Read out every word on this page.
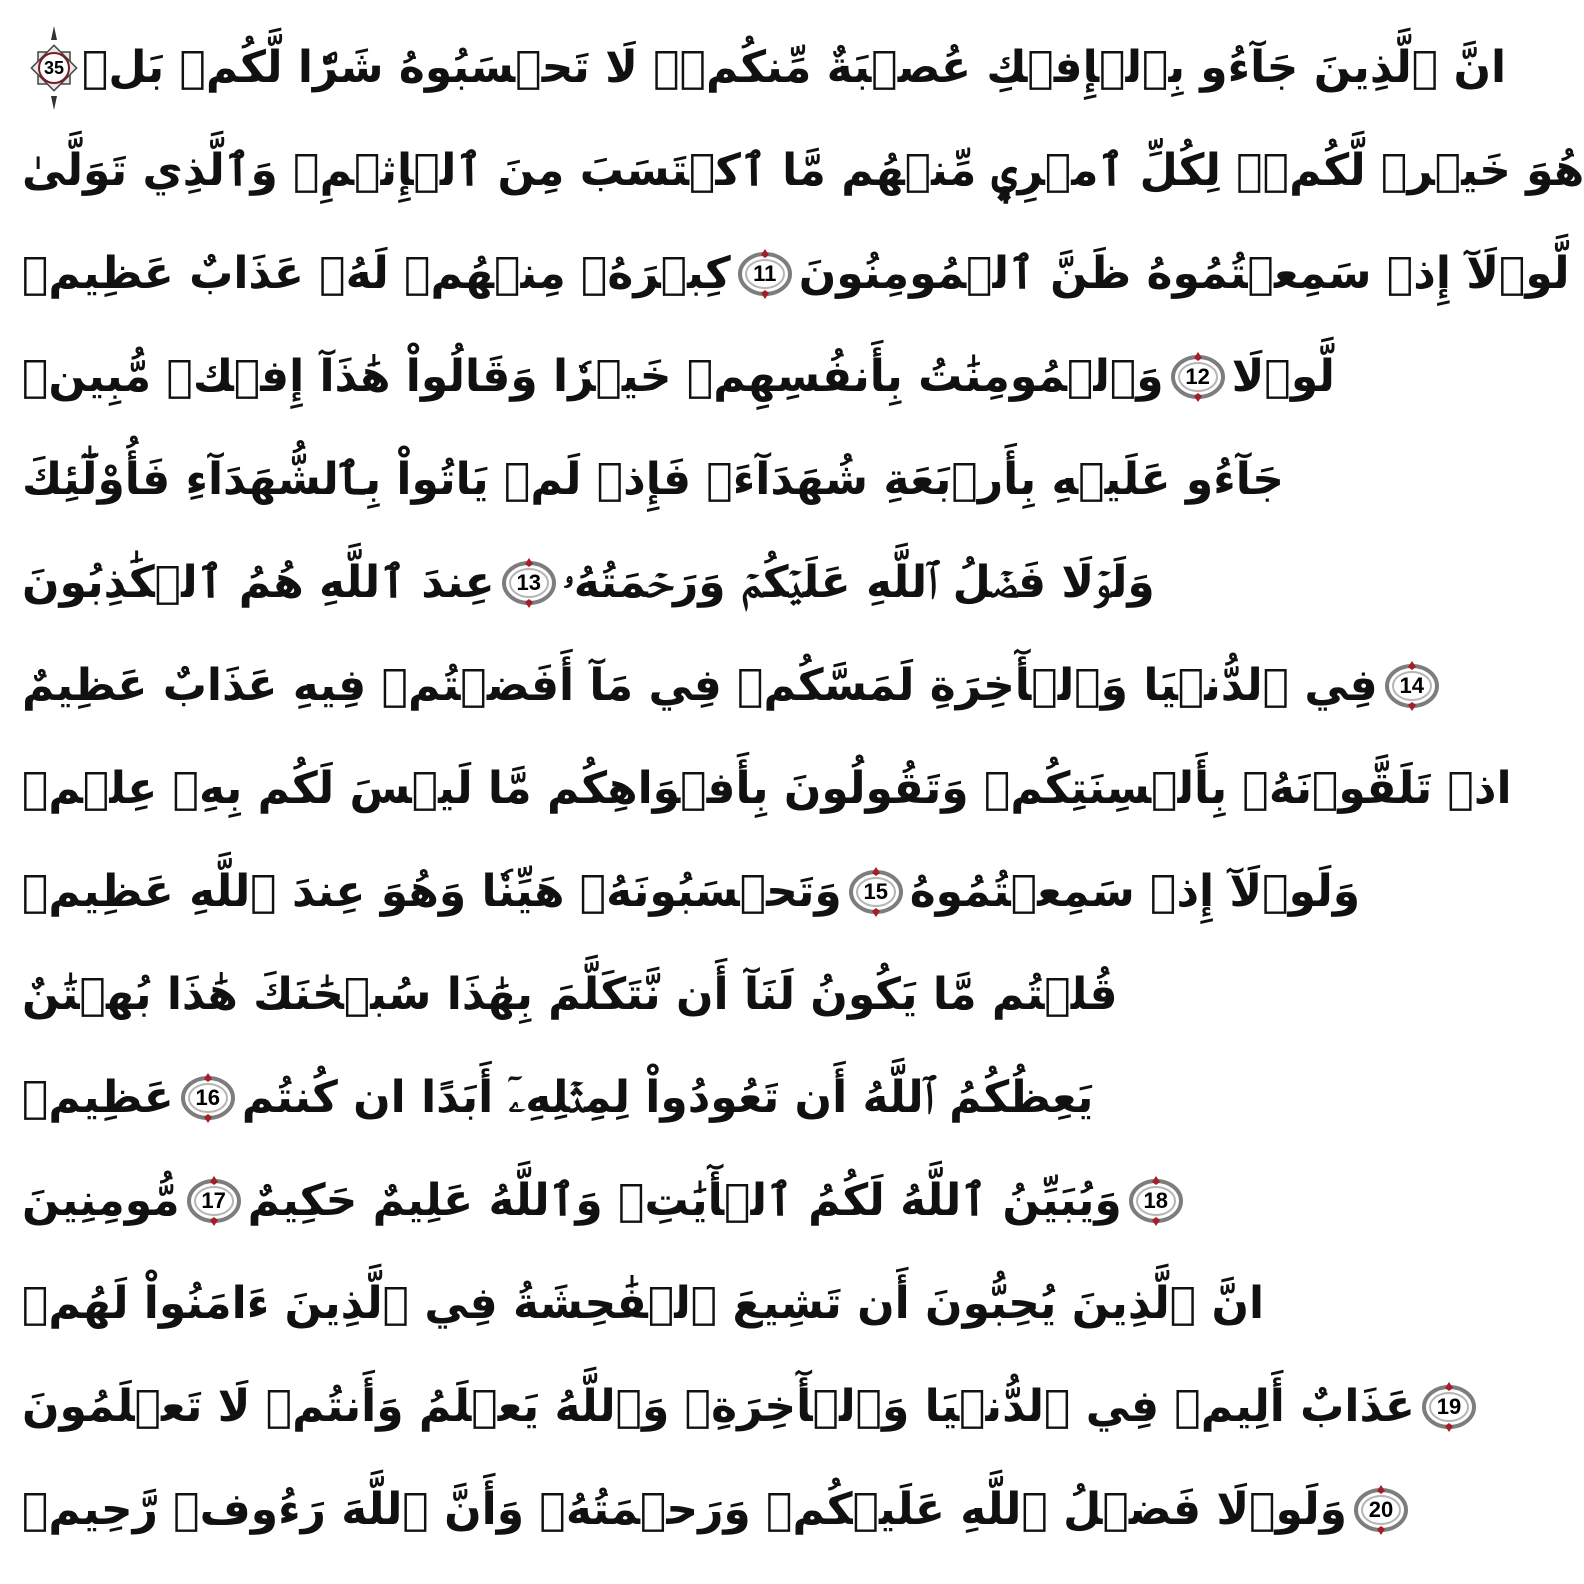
35 انَّ ٱلَّذِينَ جَآءُو بِٱلۡإِفۡكِ عُصۡبَةٌ مِّنكُمۡۚ لَا تَحۡسَبُوهُ شَرّٗا لَّكُمۖ بَلۡ
هُوَ خَيۡرٞ لَّكُمۡۚ لِكُلِّ ٱمۡرِيٕٖ مِّنۡهُم مَّا ٱكۡتَسَبَ مِنَ ٱلۡإِثۡمِۚ وَٱلَّذِي تَوَلَّىٰ
كِبۡرَهُۥ مِنۡهُمۡ لَهُۥ عَذَابٌ عَظِيمٞ	11 لَّوۡلَآ إِذۡ سَمِعۡتُمُوهُ ظَنَّ ٱلۡمُومِنُونَ
وَٱلۡمُومِنَٰتُ بِأَنفُسِهِمۡ خَيۡرٗا وَقَالُواْ هَٰذَآ إِفۡكٞ مُّبِينٞ 12 لَّوۡلَا
جَآءُو عَلَيۡهِ بِأَرۡبَعَةِ شُهَدَآءَۚ فَإِذۡ لَمۡ يَاتُواْ بِٱلشُّهَدَآءِ فَأُوْلَٰٓئِكَ
عِندَ ٱللَّهِ هُمُ ٱلۡكَٰذِبُونَ 13 وَلَوۡلَا فَضۡلُ ٱللَّهِ عَلَيۡكُمۡ وَرَحۡمَتُهُۥ
فِي ٱلدُّنۡيَا وَٱلۡأٓخِرَةِ لَمَسَّكُمۡ فِي مَآ أَفَضۡتُمۡ فِيهِ عَذَابٌ عَظِيمٌ 14
اذۡ تَلَقَّوۡنَهُۥ بِأَلۡسِنَتِكُمۡ وَتَقُولُونَ بِأَفۡوَاهِكُم مَّا لَيۡسَ لَكُم بِهِۦ عِلۡمٞ
وَتَحۡسَبُونَهُۥ هَيِّنٗا وَهُوَ عِندَ ٱللَّهِ عَظِيمٞ 15 وَلَوۡلَآ إِذۡ سَمِعۡتُمُوهُ
قُلۡتُم مَّا يَكُونُ لَنَآ أَن نَّتَكَلَّمَ بِهَٰذَا سُبۡحَٰنَكَ هَٰذَا بُهۡتَٰنٌ
عَظِيمٞ 16 يَعِظُكُمُ ٱللَّهُ أَن تَعُودُواْ لِمِثۡلِهِۦٓ أَبَدًا ان كُنتُم
مُّومِنِينَ 17 وَيُبَيِّنُ ٱللَّهُ لَكُمُ ٱلۡأٓيَٰتِۚ وَٱللَّهُ عَلِيمٌ حَكِيمٌ 18
انَّ ٱلَّذِينَ يُحِبُّونَ أَن تَشِيعَ ٱلۡفَٰحِشَةُ فِي ٱلَّذِينَ ءَامَنُواْ لَهُمۡ
عَذَابٌ أَلِيمٞ فِي ٱلدُّنۡيَا وَٱلۡأٓخِرَةِۚ وَٱللَّهُ يَعۡلَمُ وَأَنتُمۡ لَا تَعۡلَمُونَ 19
وَلَوۡلَا فَضۡلُ ٱللَّهِ عَلَيۡكُمۡ وَرَحۡمَتُهُۥ وَأَنَّ ٱللَّهَ رَءُوفٞ رَّحِيمٞ 20
